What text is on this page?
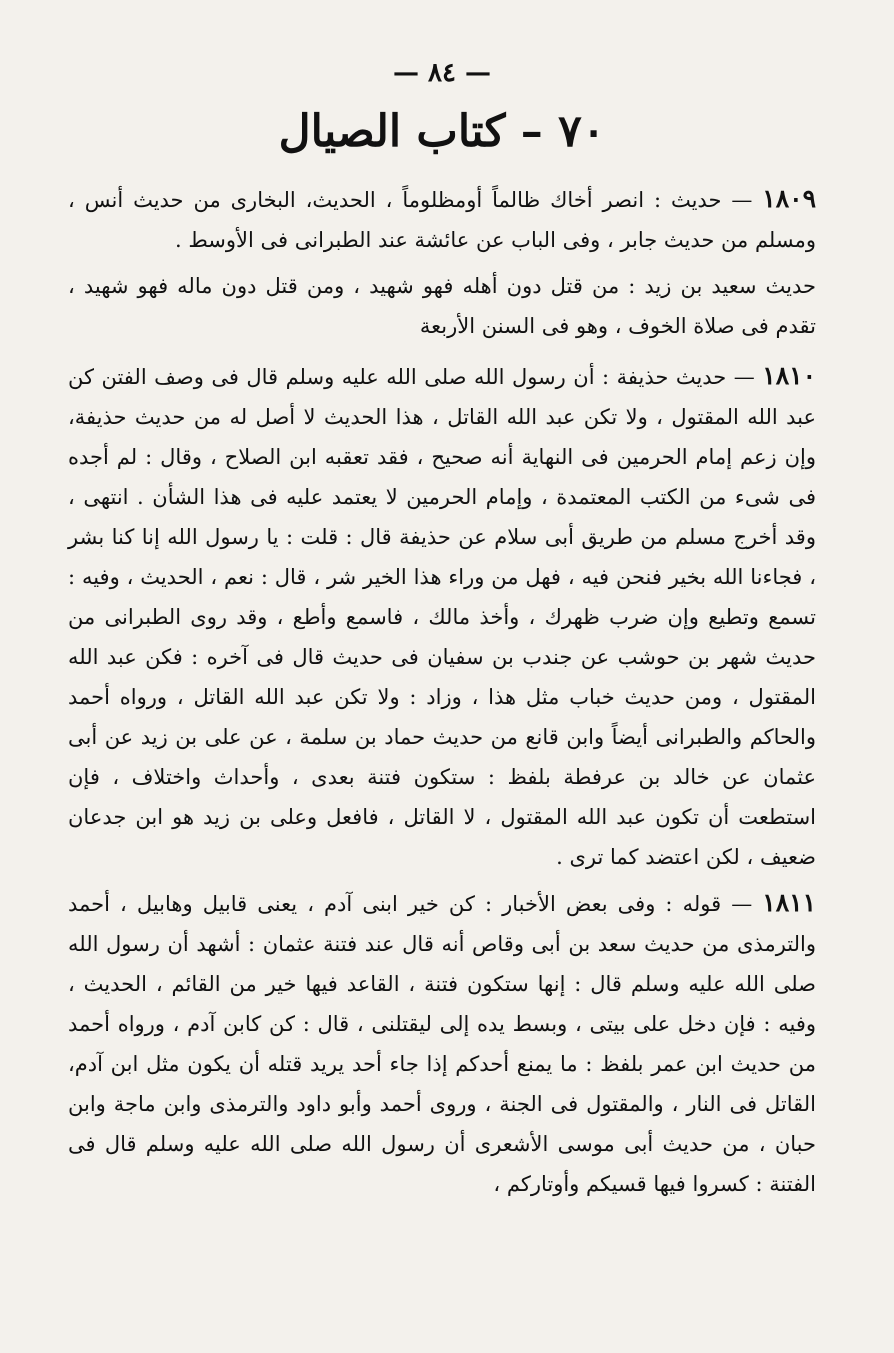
— ٨٤ —
٧٠ – كتاب الصيال

١٨٠٩ — حديث : انصر أخاك ظالماً أومظلوماً ، الحديث، البخارى من حديث أنس ، ومسلم من حديث جابر ، وفى الباب عن عائشة عند الطبرانى فى الأوسط .

حديث سعيد بن زيد : من قتل دون أهله فهو شهيد ، ومن قتل دون ماله فهو شهيد ، تقدم فى صلاة الخوف ، وهو فى السنن الأربعة

١٨١٠ — حديث حذيفة : أن رسول الله صلى الله عليه وسلم قال فى وصف الفتن كن عبد الله المقتول ، ولا تكن عبد الله القاتل ، هذا الحديث لا أصل له من حديث حذيفة، وإن زعم إمام الحرمين فى النهاية أنه صحيح ، فقد تعقبه ابن الصلاح ، وقال : لم أجده فى شىء من الكتب المعتمدة ، وإمام الحرمين لا يعتمد عليه فى هذا الشأن . انتهى ، وقد أخرج مسلم من طريق أبى سلام عن حذيفة قال : قلت : يا رسول الله إنا كنا بشر ، فجاءنا الله بخير فنحن فيه ، فهل من وراء هذا الخير شر ، قال : نعم ، الحديث ، وفيه : تسمع وتطيع وإن ضرب ظهرك ، وأخذ مالك ، فاسمع وأطع ، وقد روى الطبرانى من حديث شهر بن حوشب عن جندب بن سفيان فى حديث قال فى آخره : فكن عبد الله المقتول ، ومن حديث خباب مثل هذا ، وزاد : ولا تكن عبد الله القاتل ، ورواه أحمد والحاكم والطبرانى أيضاً وابن قانع من حديث حماد بن سلمة ، عن على بن زيد عن أبى عثمان عن خالد بن عرفطة بلفظ : ستكون فتنة بعدى ، وأحداث واختلاف ، فإن استطعت أن تكون عبد الله المقتول ، لا القاتل ، فافعل وعلى بن زيد هو ابن جدعان ضعيف ، لكن اعتضد كما ترى .

١٨١١ — قوله : وفى بعض الأخبار : كن خير ابنى آدم ، يعنى قابيل وهابيل ، أحمد والترمذى من حديث سعد بن أبى وقاص أنه قال عند فتنة عثمان : أشهد أن رسول الله صلى الله عليه وسلم قال : إنها ستكون فتنة ، القاعد فيها خير من القائم ، الحديث ، وفيه : فإن دخل على بيتى ، وبسط يده إلى ليقتلنى ، قال : كن كابن آدم ، ورواه أحمد من حديث ابن عمر بلفظ : ما يمنع أحدكم إذا جاء أحد يريد قتله أن يكون مثل ابن آدم، القاتل فى النار ، والمقتول فى الجنة ، وروى أحمد وأبو داود والترمذى وابن ماجة وابن حبان ، من حديث أبى موسى الأشعرى أن رسول الله صلى الله عليه وسلم قال فى الفتنة : كسروا فيها قسيكم وأوتاركم ،
